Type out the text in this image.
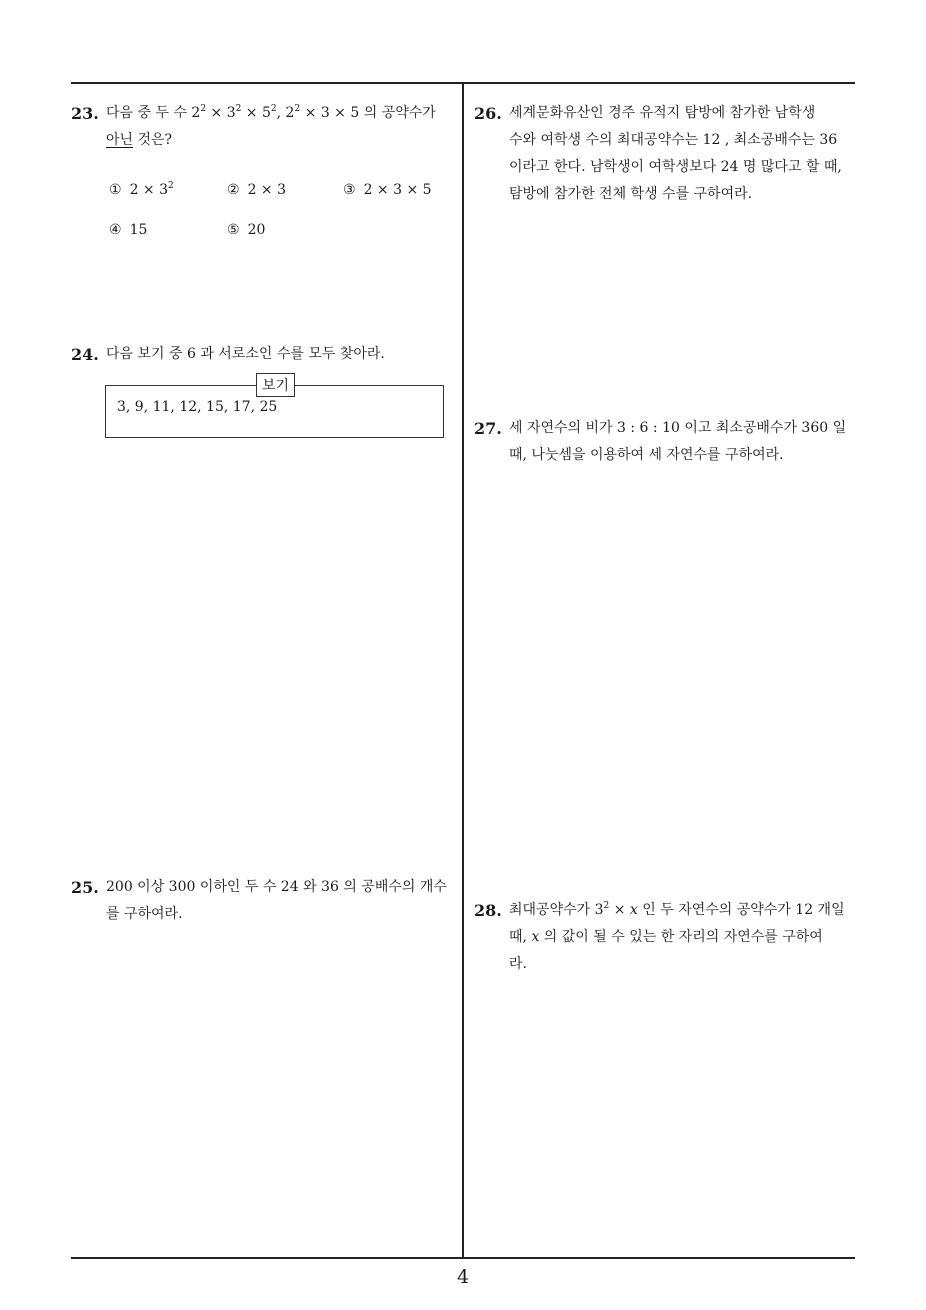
23. 다음 중 두 수 $2^2 \times 3^2 \times 5^2$, $2^2 \times 3 \times 5$ 의 공약수가
아닌 것은?
① $2 \times 3^2$	② 2 × 3	③ 2 × 3 × 5
④ 15	⑤ 20
24. 다음 보기 중 6 과 서로소인 수를 모두 찾아라.
보기
3, 9, 11, 12, 15, 17, 25
25. 200 이상 300 이하인 두 수 24 와 36 의 공배수의 개수
를 구하여라.
26. 세계문화유산인 경주 유적지 탐방에 참가한 남학생
수와 여학생 수의 최대공약수는 12 , 최소공배수는 36
이라고 한다. 남학생이 여학생보다 24 명 많다고 할 때,
탐방에 참가한 전체 학생 수를 구하여라.
27. 세 자연수의 비가 3 : 6 : 10 이고 최소공배수가 360 일
때, 나눗셈을 이용하여 세 자연수를 구하여라.
28. 최대공약수가 $3^2 \times x$ 인 두 자연수의 공약수가 12 개일
때, x 의 값이 될 수 있는 한 자리의 자연수를 구하여
라.
4
